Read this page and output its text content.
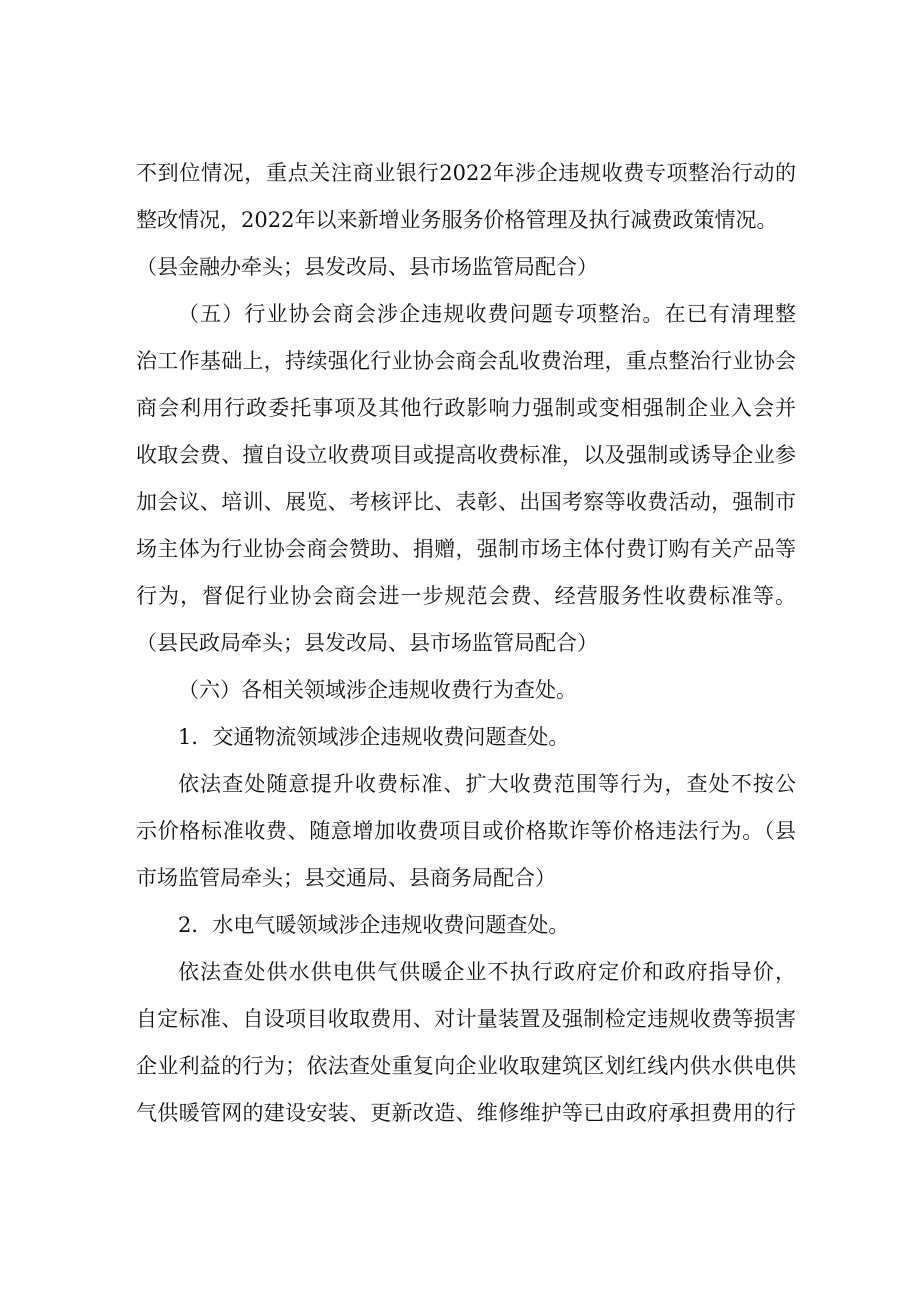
不到位情况，重点关注商业银行2022年涉企违规收费专项整治行动的
整改情况，2022年以来新增业务服务价格管理及执行减费政策情况。
（县金融办牵头；县发改局、县市场监管局配合）
（五）行业协会商会涉企违规收费问题专项整治。在已有清理整
治工作基础上，持续强化行业协会商会乱收费治理，重点整治行业协会
商会利用行政委托事项及其他行政影响力强制或变相强制企业入会并
收取会费、擅自设立收费项目或提高收费标准，以及强制或诱导企业参
加会议、培训、展览、考核评比、表彰、出国考察等收费活动，强制市
场主体为行业协会商会赞助、捐赠，强制市场主体付费订购有关产品等
行为，督促行业协会商会进一步规范会费、经营服务性收费标准等。
（县民政局牵头；县发改局、县市场监管局配合）
（六）各相关领域涉企违规收费行为查处。
1．交通物流领域涉企违规收费问题查处。
依法查处随意提升收费标准、扩大收费范围等行为，查处不按公
示价格标准收费、随意增加收费项目或价格欺诈等价格违法行为。（县
市场监管局牵头；县交通局、县商务局配合）
2．水电气暖领域涉企违规收费问题查处。
依法查处供水供电供气供暖企业不执行政府定价和政府指导价，
自定标准、自设项目收取费用、对计量装置及强制检定违规收费等损害
企业利益的行为；依法查处重复向企业收取建筑区划红线内供水供电供
气供暖管网的建设安装、更新改造、维修维护等已由政府承担费用的行
